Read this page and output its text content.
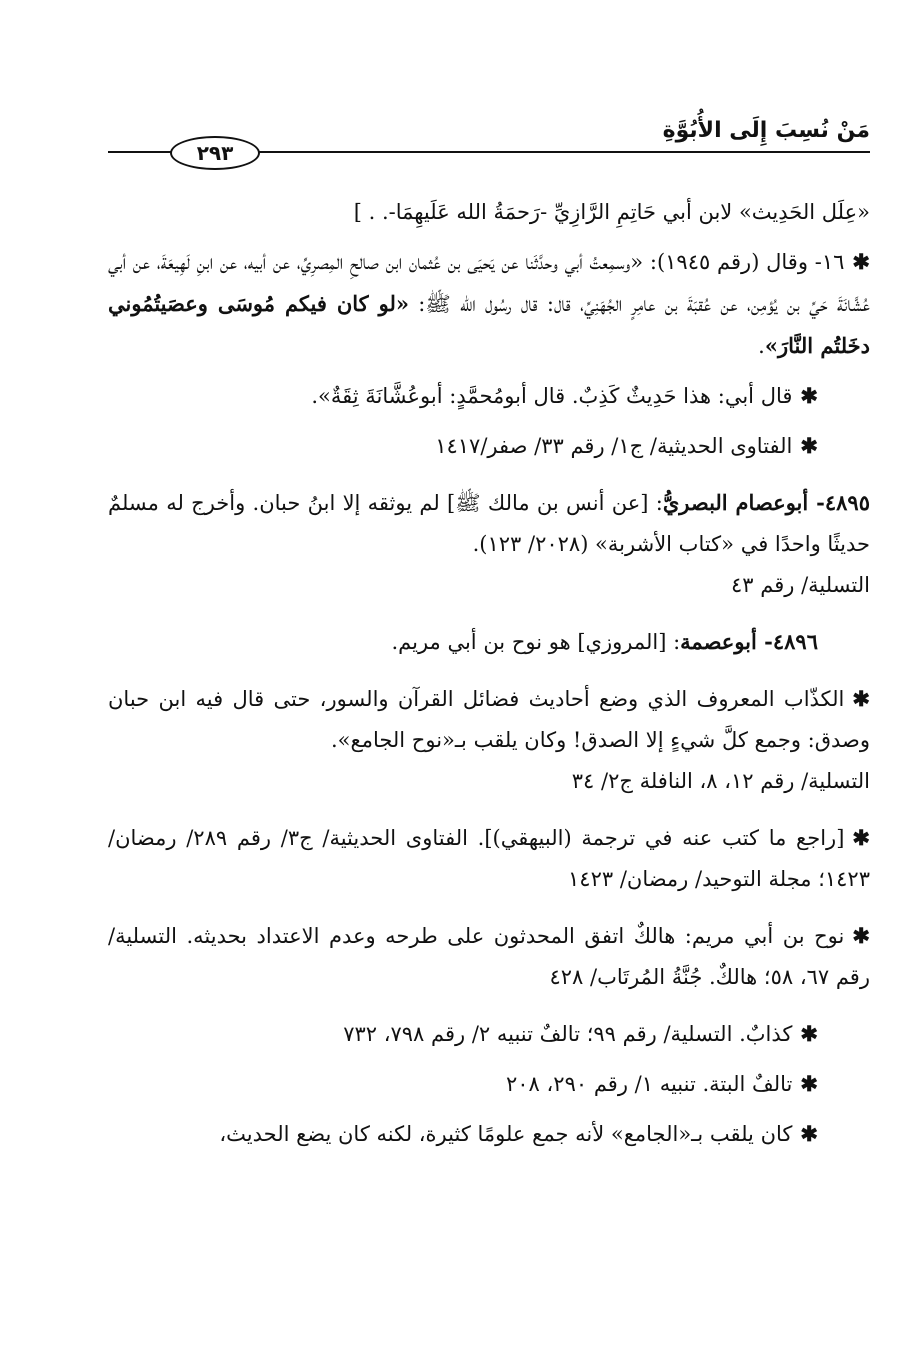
مَنْ نُسِبَ إِلَى الأُبُوَّةِ
٢٩٣

«عِلَل الحَدِيث» لابن أبي حَاتِمِ الرَّازِيِّ -رَحمَةُ الله عَلَيهِمَا-. . ]

✱١٦- وقال (رقم ١٩٤٥): «وسمِعتُ أبي وحدَّثَنا عن يَحيَى بن عُثمان ابن صالحِ المِصرِيِّ، عن أبيه، عن ابنِ لَهِيعَةَ، عن أبي عُشَّانَةَ حَيِّ بن يُؤمِن، عن عُقبَةَ بن عامِرٍ الجُهَنِيِّ، قال: قال رسُول الله ﷺ: «لو كان فيكم مُوسَى وعصَيتُمُوني دخَلتُم النَّارَ».

✱قال أبي: هذا حَدِيثٌ كَذِبٌ. قال أبومُحمَّدٍ: أبوعُشَّانَةَ ثِقَةٌ».

✱الفتاوى الحديثية/ ج١/ رقم ٣٣/ صفر/١٤١٧

٤٨٩٥- أبوعصام البصريُّ: [عن أنس بن مالك ﷺ] لم يوثقه إلا ابنُ حبان. وأخرج له مسلمٌ حديثًا واحدًا في «كتاب الأشربة» (٢٠٢٨/ ١٢٣).
التسلية/ رقم ٤٣

٤٨٩٦- أبوعصمة: [المروزي] هو نوح بن أبي مريم.

✱الكذّاب المعروف الذي وضع أحاديث فضائل القرآن والسور، حتى قال فيه ابن حبان وصدق: وجمع كلَّ شيءٍ إلا الصدق! وكان يلقب بـ«نوح الجامع».
التسلية/ رقم ١٢، ٨، النافلة ج٢/ ٣٤

✱[راجع ما كتب عنه في ترجمة (البيهقي)]. الفتاوى الحديثية/ ج٣/ رقم ٢٨٩/ رمضان/ ١٤٢٣؛ مجلة التوحيد/ رمضان/ ١٤٢٣

✱نوح بن أبي مريم: هالكٌ اتفق المحدثون على طرحه وعدم الاعتداد بحديثه. التسلية/ رقم ٦٧، ٥٨؛ هالكٌ. جُنَّةُ المُرتَاب/ ٤٢٨

✱كذابٌ. التسلية/ رقم ٩٩؛ تالفٌ تنبيه ٢/ رقم ٧٩٨، ٧٣٢

✱تالفٌ البتة. تنبيه ١/ رقم ٢٩٠، ٢٠٨

✱كان يلقب بـ«الجامع» لأنه جمع علومًا كثيرة، لكنه كان يضع الحديث،
